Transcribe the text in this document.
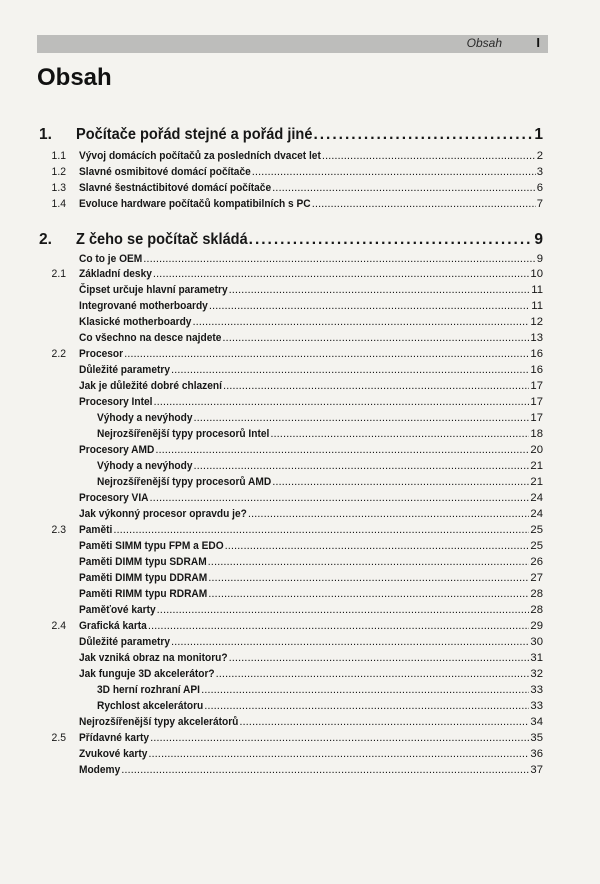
Obsah	I
Obsah
1.	Počítače pořád stejné a pořád jiné .....	1
1.1 Vývoj domácích počítačů za posledních dvacet let .....	2
1.2 Slavné osmibitové domácí počítače .....	3
1.3 Slavné šestnáctibitové domácí počítače .....	6
1.4 Evoluce hardware počítačů kompatibilních s PC .....	7
2.	Z čeho se počítač skládá .....	9
Co to je OEM .....	9
2.1 Základní desky .....	10
Čipset určuje hlavní parametry .....	11
Integrované motherboardy .....	11
Klasické motherboardy .....	12
Co všechno na desce najdete .....	13
2.2 Procesor .....	16
Důležité parametry .....	16
Jak je důležité dobré chlazení .....	17
Procesory Intel .....	17
Výhody a nevýhody .....	17
Nejrozšířenější typy procesorů Intel .....	18
Procesory AMD .....	20
Výhody a nevýhody .....	21
Nejrozšířenější typy procesorů AMD .....	21
Procesory VIA .....	24
Jak výkonný procesor opravdu je? .....	24
2.3 Paměti .....	25
Paměti SIMM typu FPM a EDO .....	25
Paměti DIMM typu SDRAM .....	26
Paměti DIMM typu DDRAM .....	27
Paměti RIMM typu RDRAM .....	28
Paměťové karty .....	28
2.4 Grafická karta .....	29
Důležité parametry .....	30
Jak vzniká obraz na monitoru? .....	31
Jak funguje 3D akcelerátor? .....	32
3D herní rozhraní API .....	33
Rychlost akcelerátoru .....	33
Nejrozšířenější typy akcelerátorů .....	34
2.5 Přídavné karty .....	35
Zvukové karty .....	36
Modemy .....	37
